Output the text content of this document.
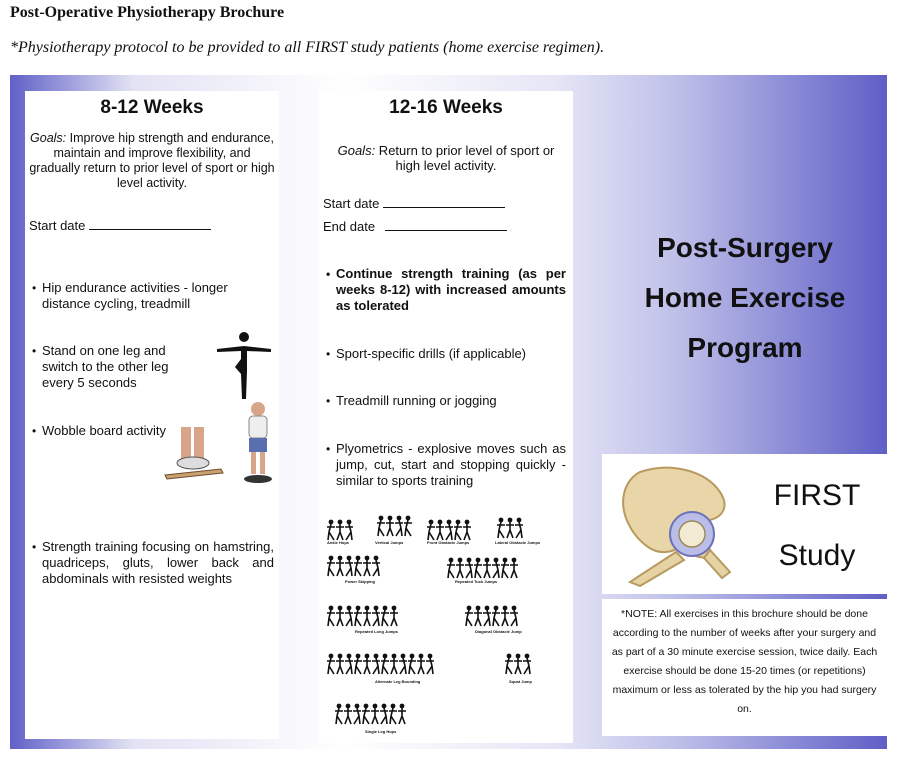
Post-Operative Physiotherapy Brochure
*Physiotherapy protocol to be provided to all FIRST study patients (home exercise regimen).
8-12 Weeks
Goals: Improve hip strength and endurance, maintain and improve flexibility, and gradually return to prior level of sport or high level activity.
Start date
• Hip endurance activities - longer distance cycling, treadmill
• Stand on one leg and switch to the other leg every 5 seconds
• Wobble board activity
• Strength training focusing on hamstring, quadriceps, gluts, lower back and abdominals with resisted weights
12-16 Weeks
Goals: Return to prior level of sport or high level activity.
Start date
End date
• Continue strength training (as per weeks 8-12) with increased amounts as tolerated
• Sport-specific drills (if applicable)
• Treadmill running or jogging
• Plyometrics - explosive moves such as jump, cut, start and stopping quickly - similar to sports training
Ankle Hops	Vertical Jumps	Front Obstacle Jumps	Lateral Obstacle Jumps
Power Skipping	Repeated Tuck Jumps
Repeated Long Jumps	Diagonal Obstacle Jump
Alternate Leg Bounding	Squat Jump
Single Leg Hops
Post-Surgery
Home Exercise
Program
FIRST
Study
*NOTE: All exercises in this brochure should be done according to the number of weeks after your surgery and as part of a 30 minute exercise session, twice daily. Each exercise should be done 15-20 times (or repetitions) maximum or less as tolerated by the hip you had surgery on.
